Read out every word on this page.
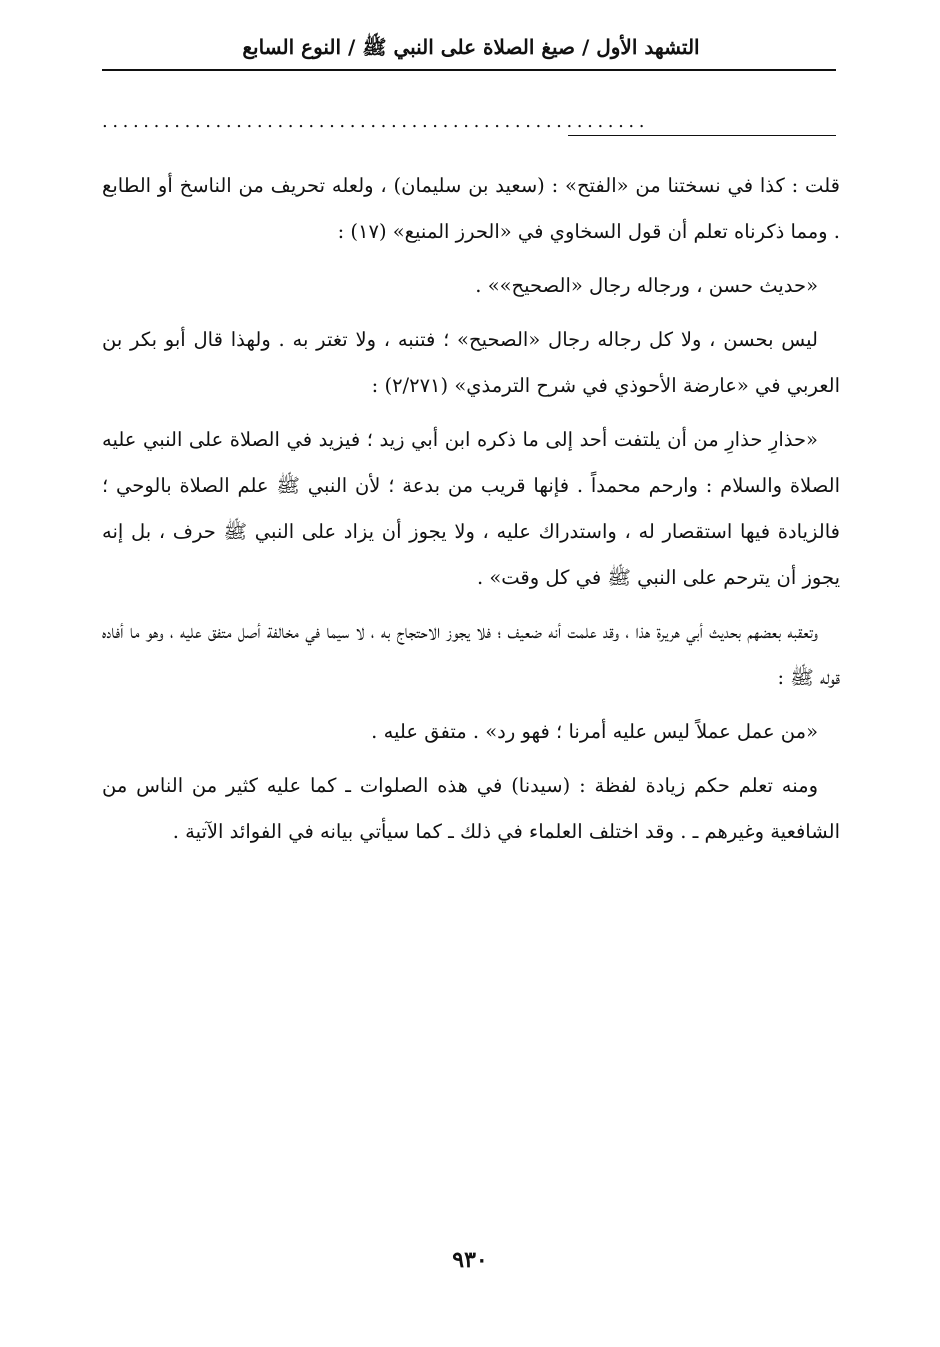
التشهد الأول / صيغ الصلاة على النبي ﷺ / النوع السابع
.....................................................

قلت : كذا في نسختنا من «الفتح» : (سعيد بن سليمان) ، ولعله تحريف من الناسخ أو الطابع . ومما ذكرناه تعلم أن قول السخاوي في «الحرز المنيع» (١٧) :

«حديث حسن ، ورجاله رجال «الصحيح»» .

ليس بحسن ، ولا كل رجاله رجال «الصحيح» ؛ فتنبه ، ولا تغتر به . ولهذا قال أبو بكر بن العربي في «عارضة الأحوذي في شرح الترمذي» (٢/٢٧١) :

«حذارِ حذارِ من أن يلتفت أحد إلى ما ذكره ابن أبي زيد ؛ فيزيد في الصلاة على النبي عليه الصلاة والسلام : وارحم محمداً . فإنها قريب من بدعة ؛ لأن النبي ﷺ علم الصلاة بالوحي ؛ فالزيادة فيها استقصار له ، واستدراك عليه ، ولا يجوز أن يزاد على النبي ﷺ حرف ، بل إنه يجوز أن يترحم على النبي ﷺ في كل وقت» .

وتعقبه بعضهم بحديث أبي هريرة هذا ، وقد علمت أنه ضعيف ؛ فلا يجوز الاحتجاج به ، لا سيما في مخالفة أصل متفق عليه ، وهو ما أفاده قوله ﷺ :

«من عمل عملاً ليس عليه أمرنا ؛ فهو رد» . متفق عليه .

ومنه تعلم حكم زيادة لفظة : (سيدنا) في هذه الصلوات ـ كما عليه كثير من الناس من الشافعية وغيرهم ـ . وقد اختلف العلماء في ذلك ـ كما سيأتي بيانه في الفوائد الآتية .

٩٣٠
